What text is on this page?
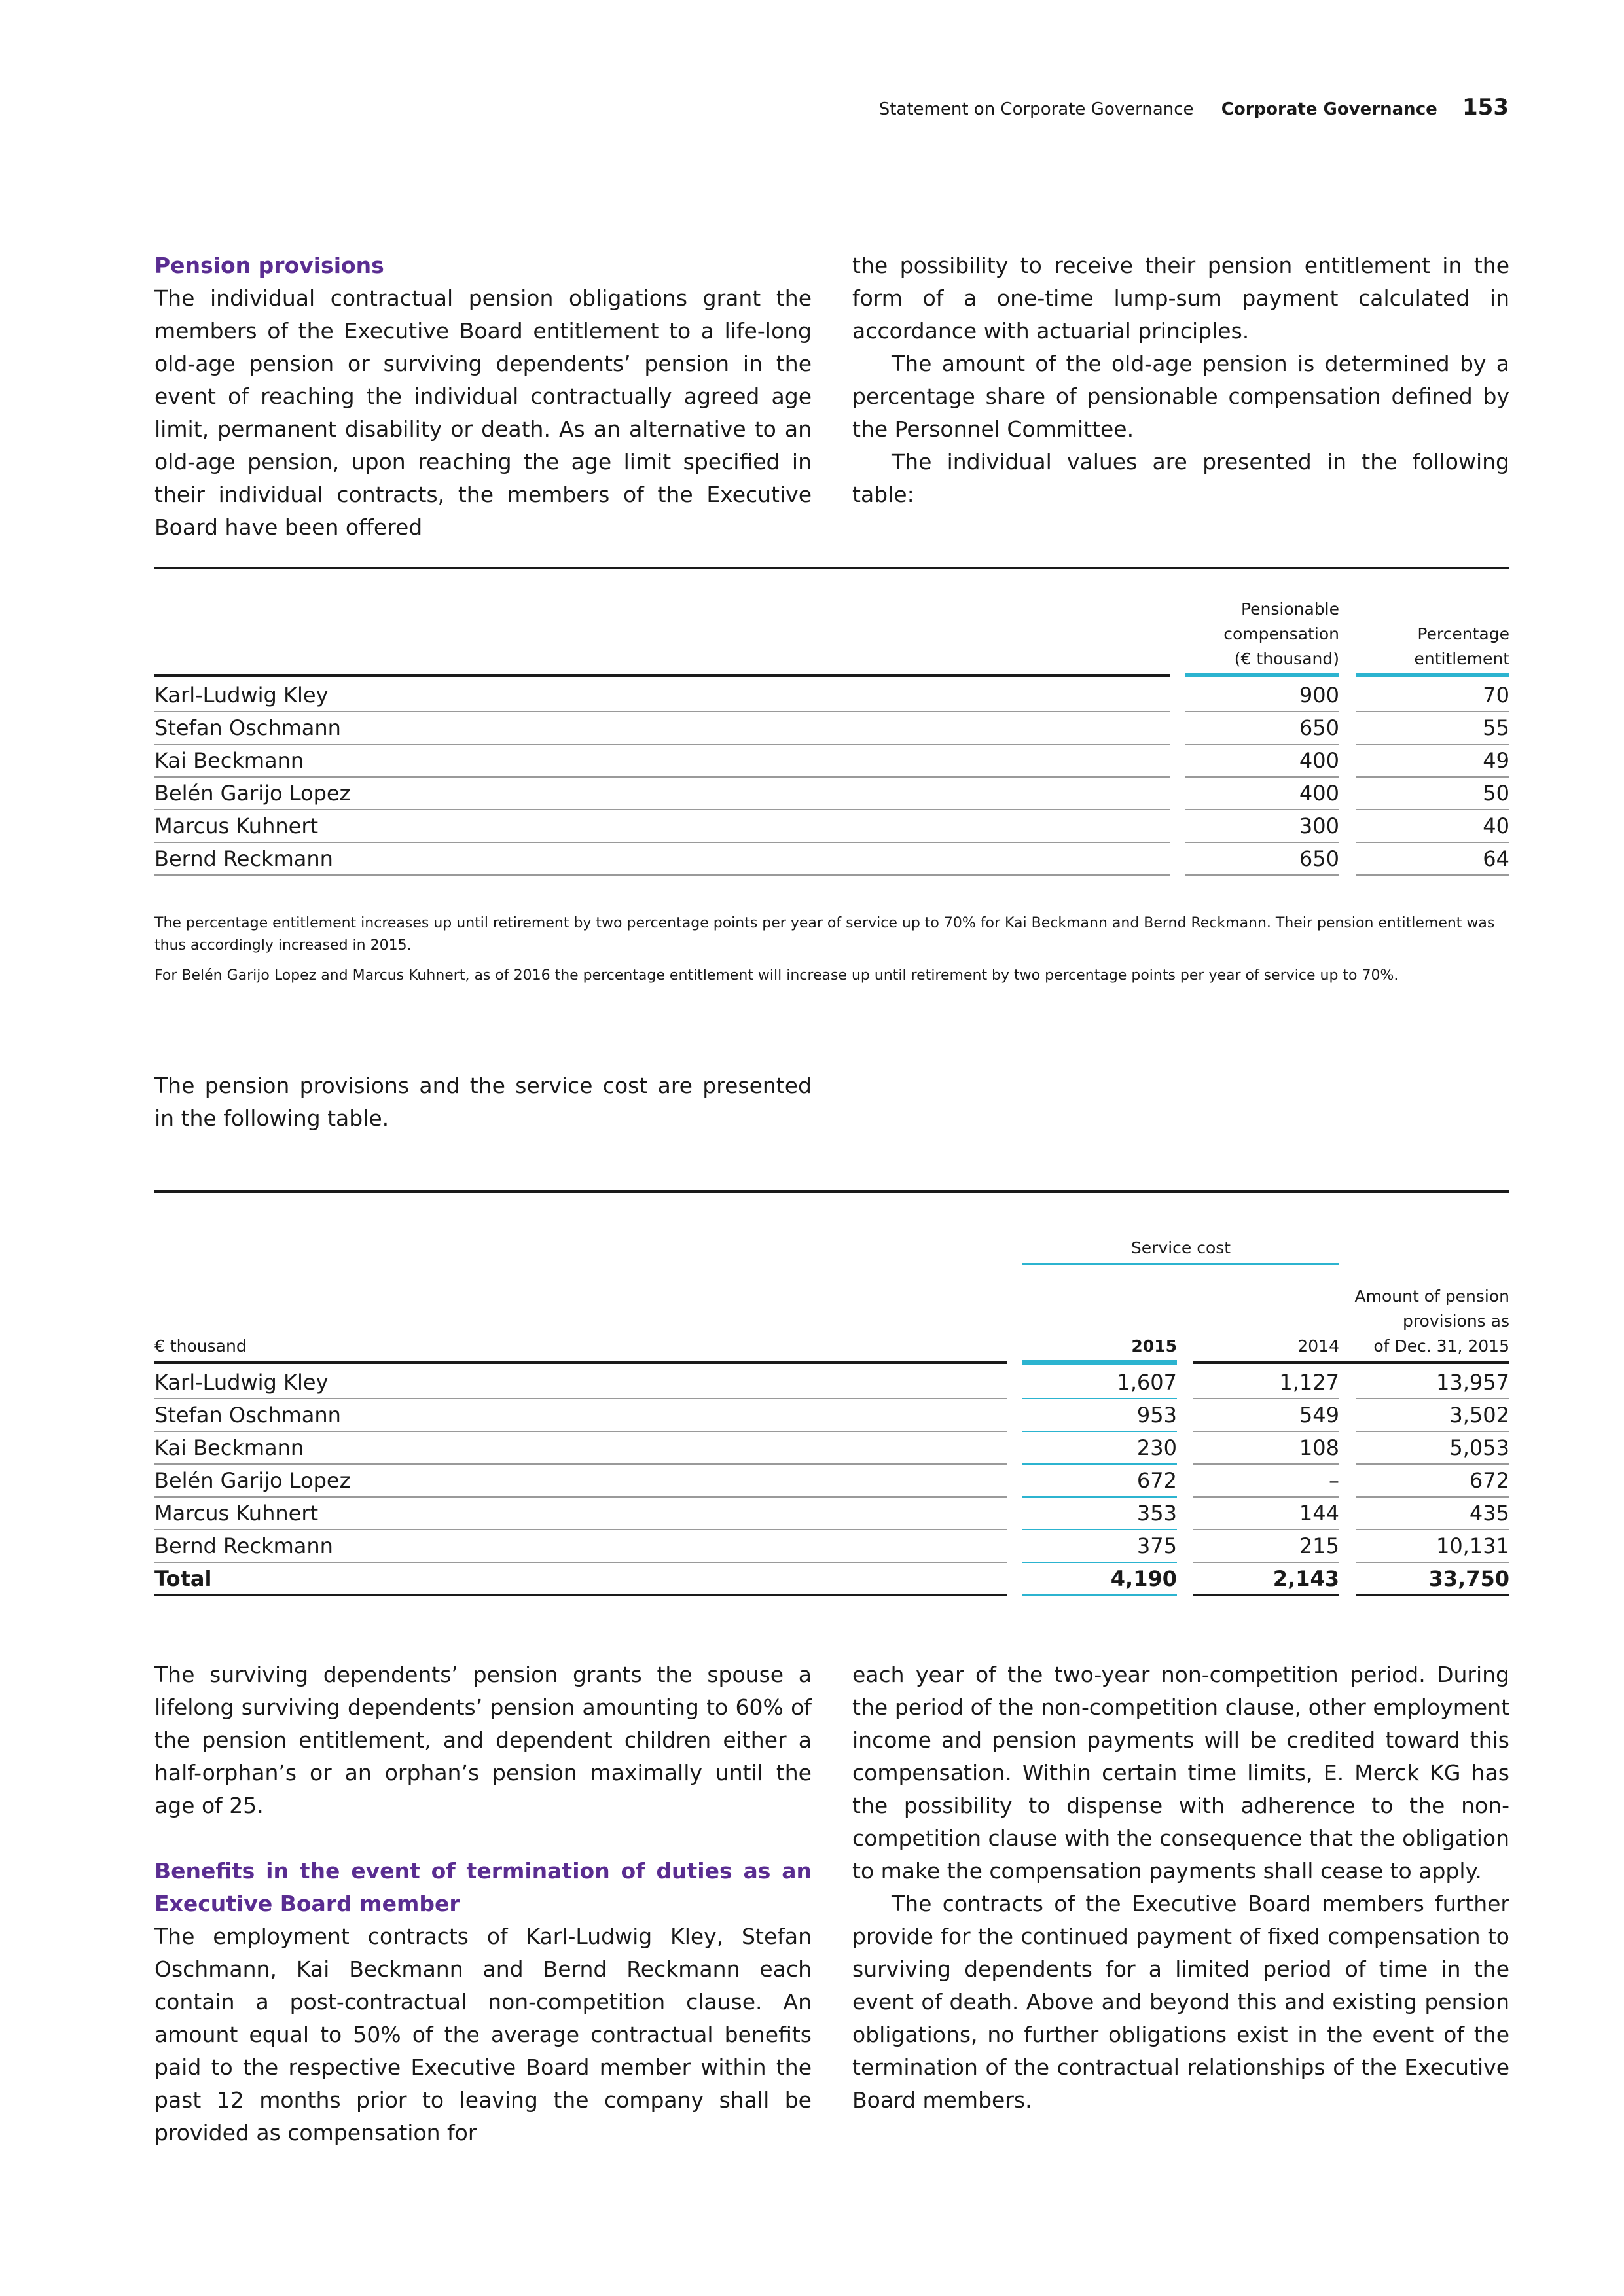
Statement on Corporate Governance Corporate Governance 153

Pension provisions

The individual contractual pension obligations grant the members of the Executive Board entitlement to a life-long old-age pension or surviving dependents’ pension in the event of reaching the individual contractually agreed age limit, permanent disability or death. As an alternative to an old-age pension, upon reaching the age limit specified in their individual contracts, the members of the Executive Board have been offered

the possibility to receive their pension entitlement in the form of a one-time lump-sum payment calculated in accordance with actuarial principles.

The amount of the old-age pension is determined by a percentage share of pensionable compensation defined by the Personnel Committee.

The individual values are presented in the following table:

Pensionable
compensation
(€ thousand)
Percentage
entitlement
Karl-Ludwig Kley	900	70
Stefan Oschmann	650	55
Kai Beckmann	400	49
Belén Garijo Lopez	400	50
Marcus Kuhnert	300	40
Bernd Reckmann	650	64

The percentage entitlement increases up until retirement by two percentage points per year of service up to 70% for Kai Beckmann and Bernd Reckmann. Their pension entitlement was thus accordingly increased in 2015.

For Belén Garijo Lopez and Marcus Kuhnert, as of 2016 the percentage entitlement will increase up until retirement by two percentage points per year of service up to 70%.

The pension provisions and the service cost are presented in the following table.

Service cost
€ thousand	2015	2014
Amount of pension
provisions as
of Dec. 31, 2015
Karl-Ludwig Kley	1,607	1,127	13,957
Stefan Oschmann	953	549	3,502
Kai Beckmann	230	108	5,053
Belén Garijo Lopez	672	–	672
Marcus Kuhnert	353	144	435
Bernd Reckmann	375	215	10,131
Total	4,190	2,143	33,750

The surviving dependents’ pension grants the spouse a lifelong surviving dependents’ pension amounting to 60% of the pension entitlement, and dependent children either a half-orphan’s or an orphan’s pension maximally until the age of 25.

Benefits in the event of termination of duties as an Executive Board member

The employment contracts of Karl-Ludwig Kley, Stefan Oschmann, Kai Beckmann and Bernd Reckmann each contain a post-contractual non-competition clause. An amount equal to 50% of the average contractual benefits paid to the respective Executive Board member within the past 12 months prior to leaving the company shall be provided as compensation for

each year of the two-year non-competition period. During the period of the non-competition clause, other employment income and pension payments will be credited toward this compensation. Within certain time limits, E. Merck KG has the possibility to dispense with adherence to the non-competition clause with the consequence that the obligation to make the compensation payments shall cease to apply.

The contracts of the Executive Board members further provide for the continued payment of fixed compensation to surviving dependents for a limited period of time in the event of death. Above and beyond this and existing pension obligations, no further obligations exist in the event of the termination of the contractual relationships of the Executive Board members.
